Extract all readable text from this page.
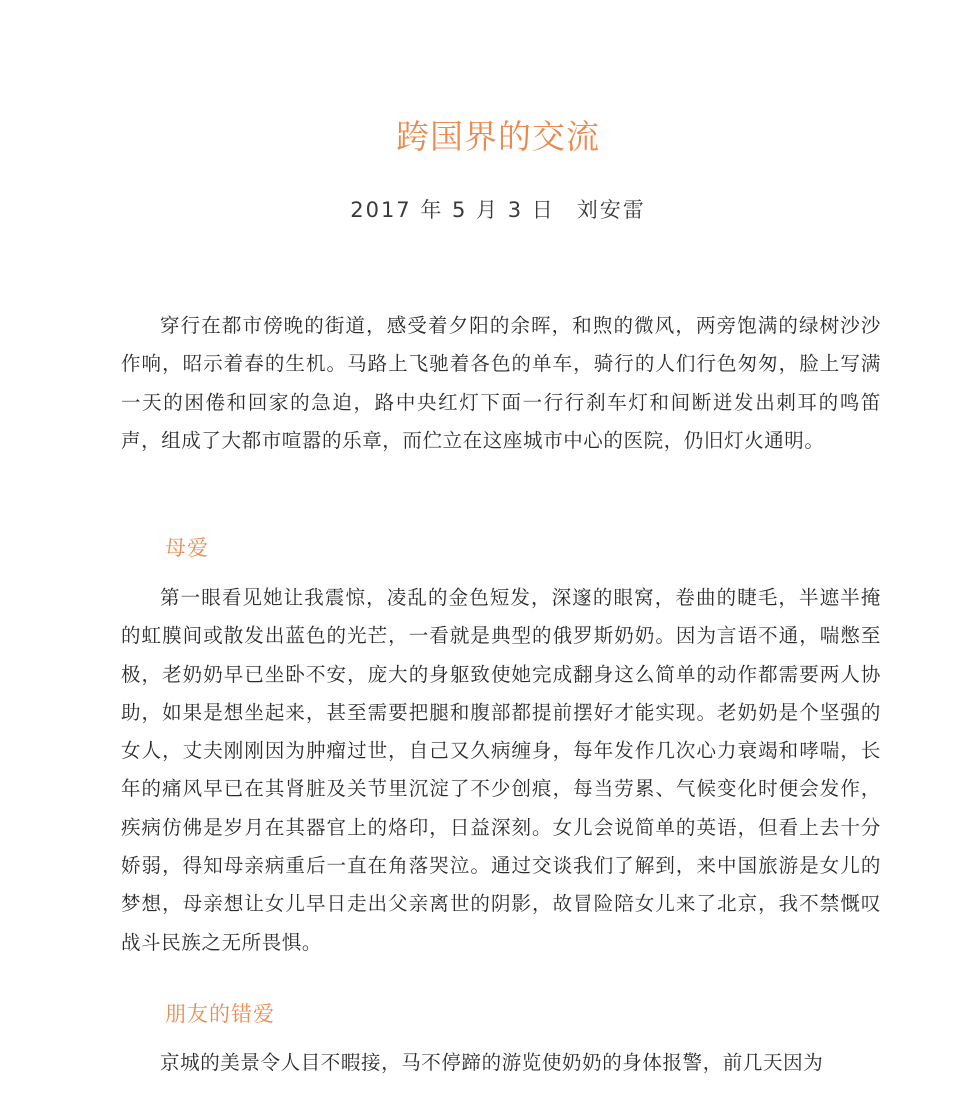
跨国界的交流
2017 年 5 月 3 日 刘安雷
穿行在都市傍晚的街道，感受着夕阳的余晖，和煦的微风，两旁饱满的绿树沙沙作响，昭示着春的生机。马路上飞驰着各色的单车，骑行的人们行色匆匆，脸上写满一天的困倦和回家的急迫，路中央红灯下面一行行刹车灯和间断迸发出刺耳的鸣笛声，组成了大都市喧嚣的乐章，而伫立在这座城市中心的医院，仍旧灯火通明。
母爱
第一眼看见她让我震惊，凌乱的金色短发，深邃的眼窝，卷曲的睫毛，半遮半掩的虹膜间或散发出蓝色的光芒，一看就是典型的俄罗斯奶奶。因为言语不通，喘憋至极，老奶奶早已坐卧不安，庞大的身躯致使她完成翻身这么简单的动作都需要两人协助，如果是想坐起来，甚至需要把腿和腹部都提前摆好才能实现。老奶奶是个坚强的女人，丈夫刚刚因为肿瘤过世，自己又久病缠身，每年发作几次心力衰竭和哮喘，长年的痛风早已在其肾脏及关节里沉淀了不少创痕，每当劳累、气候变化时便会发作，疾病仿佛是岁月在其器官上的烙印，日益深刻。女儿会说简单的英语，但看上去十分娇弱，得知母亲病重后一直在角落哭泣。通过交谈我们了解到，来中国旅游是女儿的梦想，母亲想让女儿早日走出父亲离世的阴影，故冒险陪女儿来了北京，我不禁慨叹战斗民族之无所畏惧。
朋友的错爱
京城的美景令人目不暇接，马不停蹄的游览使奶奶的身体报警，前几天因为
